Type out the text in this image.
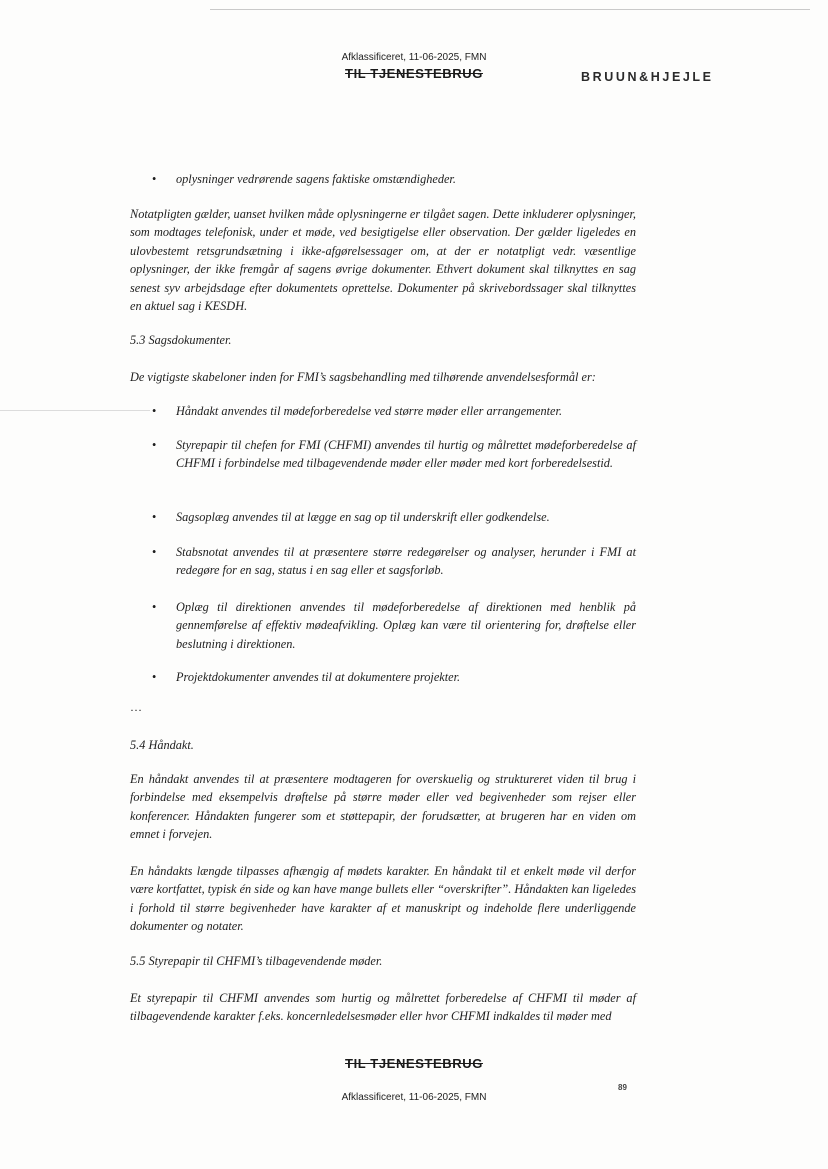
Afklassificeret, 11-06-2025, FMN
TIL TJENESTEBRUG	BRUUN&HJEJLE
• oplysninger vedrørende sagens faktiske omstændigheder.

Notatpligten gælder, uanset hvilken måde oplysningerne er tilgået sagen. Dette inkluderer oplysninger, som modtages telefonisk, under et møde, ved besigtigelse eller observation. Der gælder ligeledes en ulovbestemt retsgrundsætning i ikke-afgørelsessager om, at der er notatpligt vedr. væsentlige oplysninger, der ikke fremgår af sagens øvrige dokumenter. Ethvert dokument skal tilknyttes en sag senest syv arbejdsdage efter dokumentets oprettelse. Dokumenter på skrivebordssager skal tilknyttes en aktuel sag i KESDH.

5.3 Sagsdokumenter.

De vigtigste skabeloner inden for FMI’s sagsbehandling med tilhørende anvendelsesformål er:

• Håndakt anvendes til mødeforberedelse ved større møder eller arrangementer.
• Styrepapir til chefen for FMI (CHFMI) anvendes til hurtig og målrettet mødeforberedelse af CHFMI i forbindelse med tilbagevendende møder eller møder med kort forberedelsestid.
• Sagsoplæg anvendes til at lægge en sag op til underskrift eller godkendelse.
• Stabsnotat anvendes til at præsentere større redegørelser og analyser, herunder i FMI at redegøre for en sag, status i en sag eller et sagsforløb.
• Oplæg til direktionen anvendes til mødeforberedelse af direktionen med henblik på gennemførelse af effektiv mødeafvikling. Oplæg kan være til orientering for, drøftelse eller beslutning i direktionen.
• Projektdokumenter anvendes til at dokumentere projekter.
…

5.4 Håndakt.

En håndakt anvendes til at præsentere modtageren for overskuelig og struktureret viden til brug i forbindelse med eksempelvis drøftelse på større møder eller ved begivenheder som rejser eller konferencer. Håndakten fungerer som et støttepapir, der forudsætter, at brugeren har en viden om emnet i forvejen.

En håndakts længde tilpasses afhængig af mødets karakter. En håndakt til et enkelt møde vil derfor være kortfattet, typisk én side og kan have mange bullets eller “overskrifter”. Håndakten kan ligeledes i forhold til større begivenheder have karakter af et manuskript og indeholde flere underliggende dokumenter og notater.

5.5 Styrepapir til CHFMI’s tilbagevendende møder.

Et styrepapir til CHFMI anvendes som hurtig og målrettet forberedelse af CHFMI til møder af tilbagevendende karakter f.eks. koncernledelsesmøder eller hvor CHFMI indkaldes til møder med

TIL TJENESTEBRUG
89
Afklassificeret, 11-06-2025, FMN
